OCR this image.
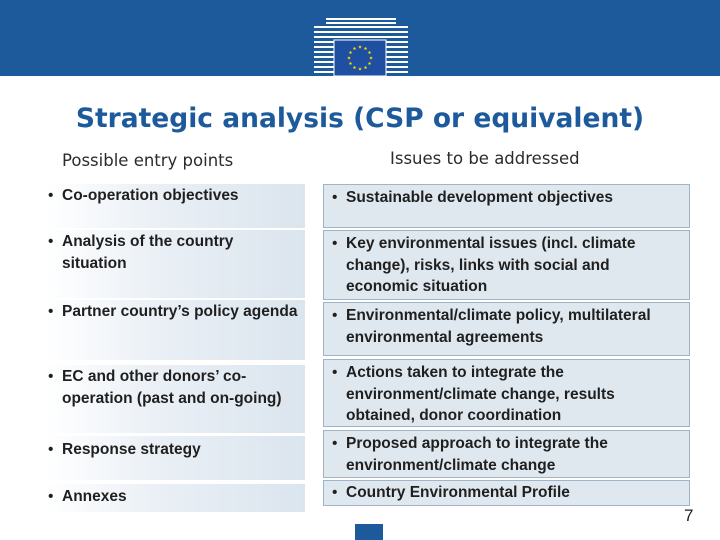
European
Commission
Strategic analysis (CSP or equivalent)
Possible entry points	Issues to be addressed
• Co-operation objectives
• Analysis of the country situation
• Partner country’s policy agenda
• EC and other donors’ co-operation (past and on-going)
• Response strategy
• Annexes
• Sustainable development objectives
• Key environmental issues (incl. climate change), risks, links with social and economic situation
• Environmental/climate policy, multilateral environmental agreements
• Actions taken to integrate the environment/climate change, results obtained, donor coordination
• Proposed approach to integrate the environment/climate change
• Country Environmental Profile
7
